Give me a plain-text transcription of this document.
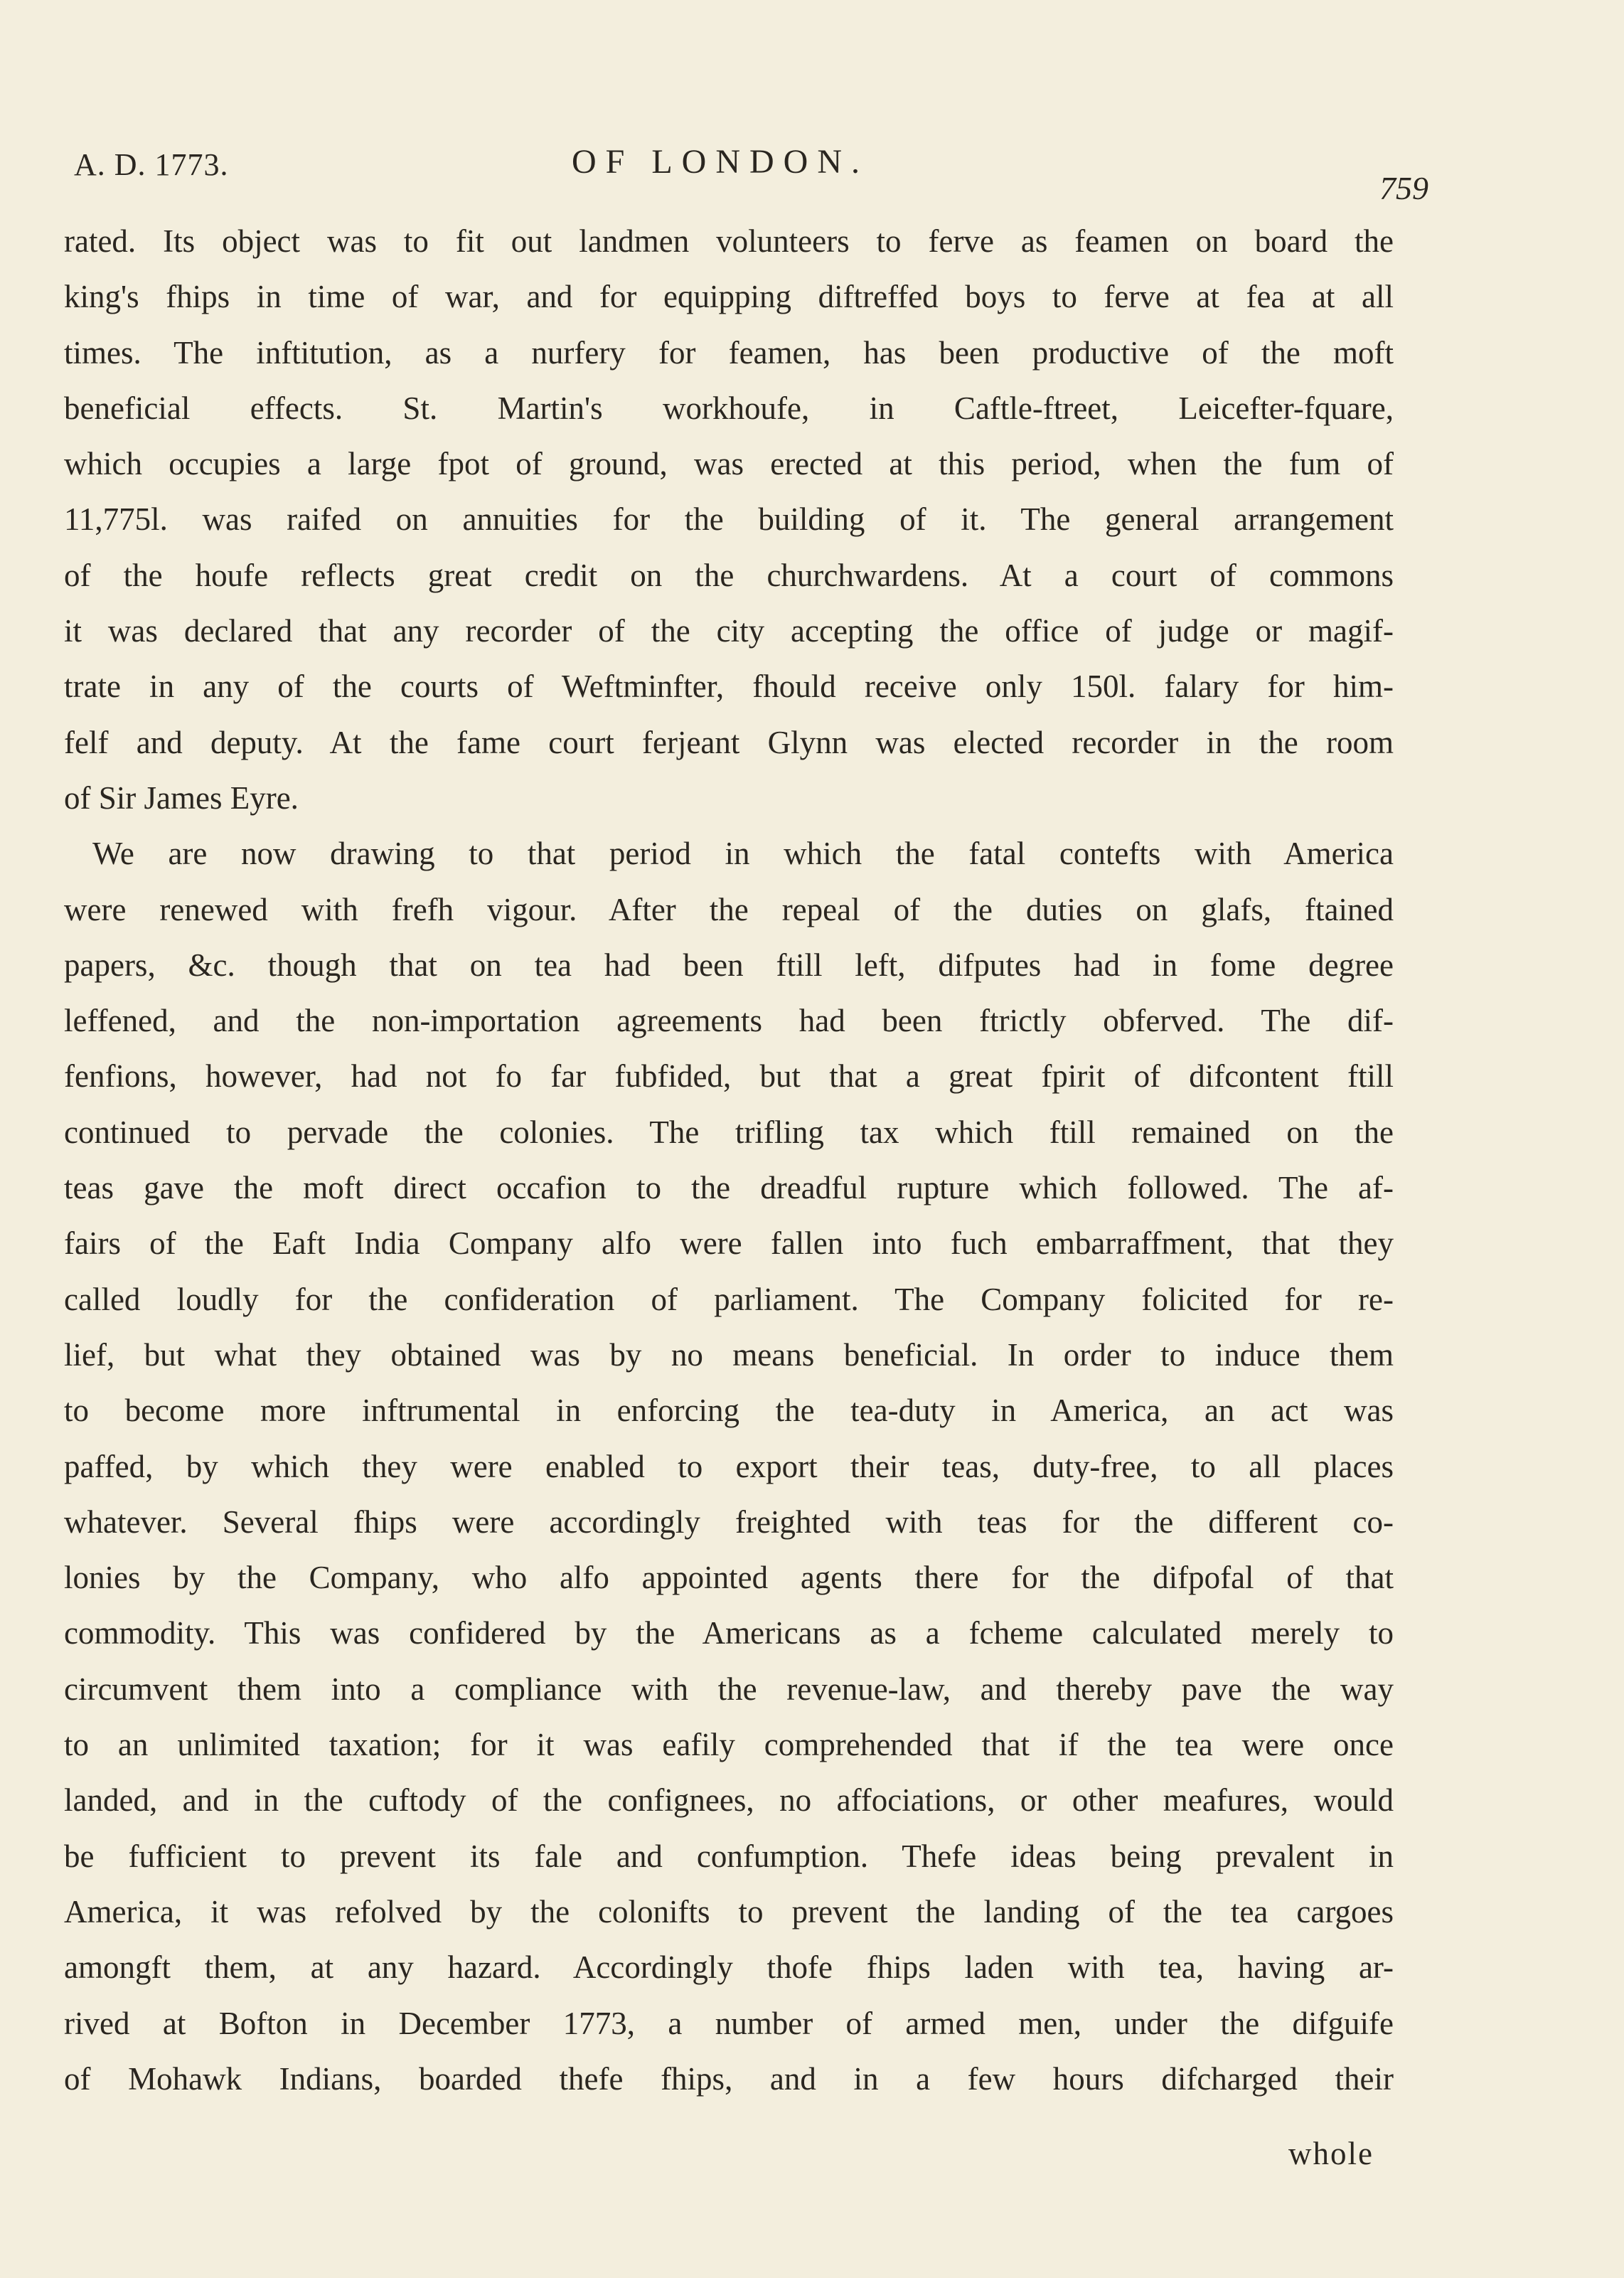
A. D. 1773.	OF LONDON.
759
rated. Its object was to fit out landmen volunteers to ferve as feamen on board the
king's fhips in time of war, and for equipping diftreffed boys to ferve at fea at all
times. The inftitution, as a nurfery for feamen, has been productive of the moft
beneficial effects. St. Martin's workhoufe, in Caftle-ftreet, Leicefter-fquare,
which occupies a large fpot of ground, was erected at this period, when the fum of
11,775l. was raifed on annuities for the building of it. The general arrangement
of the houfe reflects great credit on the churchwardens. At a court of commons
it was declared that any recorder of the city accepting the office of judge or magif-
trate in any of the courts of Weftminfter, fhould receive only 150l. falary for him-
felf and deputy. At the fame court ferjeant Glynn was elected recorder in the room
of Sir James Eyre.
We are now drawing to that period in which the fatal contefts with America
were renewed with frefh vigour. After the repeal of the duties on glafs, ftained
papers, &c. though that on tea had been ftill left, difputes had in fome degree
leffened, and the non-importation agreements had been ftrictly obferved. The dif-
fenfions, however, had not fo far fubfided, but that a great fpirit of difcontent ftill
continued to pervade the colonies. The trifling tax which ftill remained on the
teas gave the moft direct occafion to the dreadful rupture which followed. The af-
fairs of the Eaft India Company alfo were fallen into fuch embarraffment, that they
called loudly for the confideration of parliament. The Company folicited for re-
lief, but what they obtained was by no means beneficial. In order to induce them
to become more inftrumental in enforcing the tea-duty in America, an act was
paffed, by which they were enabled to export their teas, duty-free, to all places
whatever. Several fhips were accordingly freighted with teas for the different co-
lonies by the Company, who alfo appointed agents there for the difpofal of that
commodity. This was confidered by the Americans as a fcheme calculated merely to
circumvent them into a compliance with the revenue-law, and thereby pave the way
to an unlimited taxation; for it was eafily comprehended that if the tea were once
landed, and in the cuftody of the confignees, no affociations, or other meafures, would
be fufficient to prevent its fale and confumption. Thefe ideas being prevalent in
America, it was refolved by the colonifts to prevent the landing of the tea cargoes
amongft them, at any hazard. Accordingly thofe fhips laden with tea, having ar-
rived at Bofton in December 1773, a number of armed men, under the difguife
of Mohawk Indians, boarded thefe fhips, and in a few hours difcharged their
whole
